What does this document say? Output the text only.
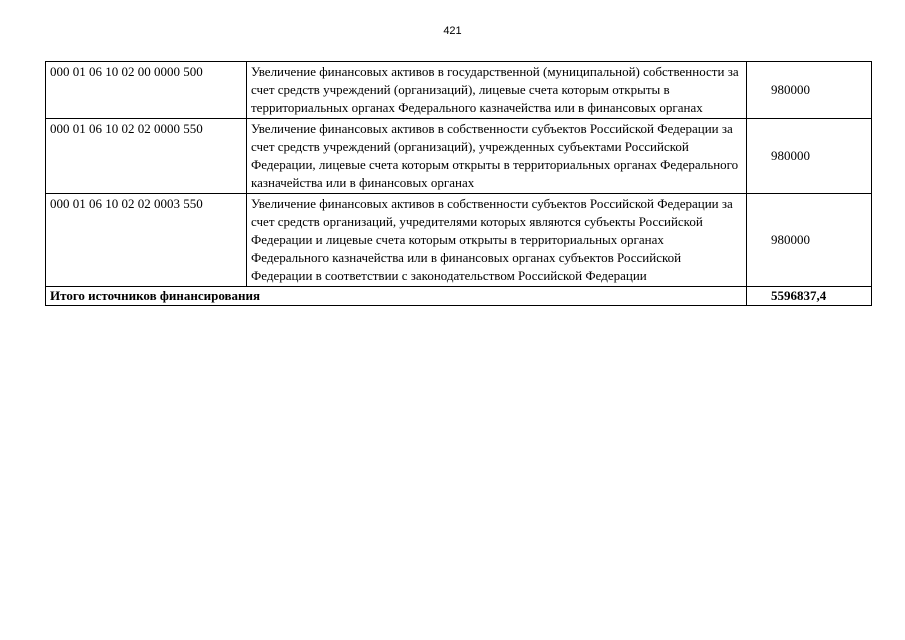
421
000 01 06 10 02 00 0000 500	Увеличение финансовых активов в государственной (муниципальной) собственности за счет средств учреждений (организаций), лицевые счета которым открыты в территориальных органах Федерального казначейства или в финансовых органах	980000
000 01 06 10 02 02 0000 550	Увеличение финансовых активов в собственности субъектов Российской Федерации за счет средств учреждений (организаций), учрежденных субъектами Российской Федерации, лицевые счета которым открыты в территориальных органах Федерального казначейства или в финансовых органах	980000
000 01 06 10 02 02 0003 550	Увеличение финансовых активов в собственности субъектов Российской Федерации за счет средств организаций, учредителями которых являются субъекты Российской Федерации и лицевые счета которым открыты в территориальных органах Федерального казначейства или в финансовых органах субъектов Российской Федерации в соответствии с законодательством Российской Федерации	980000
Итого источников финансирования		5596837,4
